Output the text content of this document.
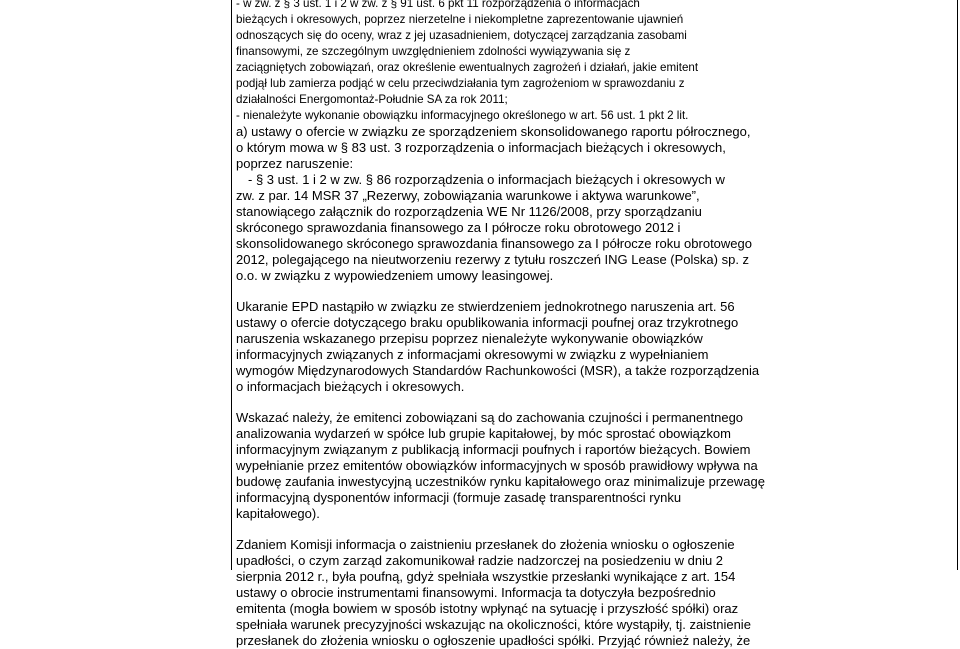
- w zw. z § 3 ust. 1 i 2 w zw. z § 91 ust. 6 pkt 11 rozporządzenia o informacjach
bieżących i okresowych, poprzez nierzetelne i niekompletne zaprezentowanie ujawnień
odnoszących się do oceny, wraz z jej uzasadnieniem, dotyczącej zarządzania zasobami
finansowymi, ze szczególnym uwzględnieniem zdolności wywiązywania się z
zaciągniętych zobowiązań, oraz określenie ewentualnych zagrożeń i działań, jakie emitent
podjął lub zamierza podjąć w celu przeciwdziałania tym zagrożeniom w sprawozdaniu z
działalności Energomontaż-Południe SA za rok 2011;
- nienależyte wykonanie obowiązku informacyjnego określonego w art. 56 ust. 1 pkt 2 lit.
a) ustawy o ofercie w związku ze sporządzeniem skonsolidowanego raportu półrocznego,
o którym mowa w § 83 ust. 3 rozporządzenia o informacjach bieżących i okresowych,
poprzez naruszenie:
- § 3 ust. 1 i 2 w zw. § 86 rozporządzenia o informacjach bieżących i okresowych w
zw. z par. 14 MSR 37 „Rezerwy, zobowiązania warunkowe i aktywa warunkowe”,
stanowiącego załącznik do rozporządzenia WE Nr 1126/2008, przy sporządzaniu
skróconego sprawozdania finansowego za I półrocze roku obrotowego 2012 i
skonsolidowanego skróconego sprawozdania finansowego za I półrocze roku obrotowego
2012, polegającego na nieutworzeniu rezerwy z tytułu roszczeń ING Lease (Polska) sp. z
o.o. w związku z wypowiedzeniem umowy leasingowej.
Ukaranie EPD nastąpiło w związku ze stwierdzeniem jednokrotnego naruszenia art. 56
ustawy o ofercie dotyczącego braku opublikowania informacji poufnej oraz trzykrotnego
naruszenia wskazanego przepisu poprzez nienależyte wykonywanie obowiązków
informacyjnych związanych z informacjami okresowymi w związku z wypełnianiem
wymogów Międzynarodowych Standardów Rachunkowości (MSR), a także rozporządzenia
o informacjach bieżących i okresowych.
Wskazać należy, że emitenci zobowiązani są do zachowania czujności i permanentnego
analizowania wydarzeń w spółce lub grupie kapitałowej, by móc sprostać obowiązkom
informacyjnym związanym z publikacją informacji poufnych i raportów bieżących. Bowiem
wypełnianie przez emitentów obowiązków informacyjnych w sposób prawidłowy wpływa na
budowę zaufania inwestycyjną uczestników rynku kapitałowego oraz minimalizuje przewagę
informacyjną dysponentów informacji (formuje zasadę transparentności rynku
kapitałowego).
Zdaniem Komisji informacja o zaistnieniu przesłanek do złożenia wniosku o ogłoszenie
upadłości, o czym zarząd zakomunikował radzie nadzorczej na posiedzeniu w dniu 2
sierpnia 2012 r., była poufną, gdyż spełniała wszystkie przesłanki wynikające z art. 154
ustawy o obrocie instrumentami finansowymi. Informacja ta dotyczyła bezpośrednio
emitenta (mogła bowiem w sposób istotny wpłynąć na sytuację i przyszłość spółki) oraz
spełniała warunek precyzyjności wskazując na okoliczności, które wystąpiły, tj. zaistnienie
przesłanek do złożenia wniosku o ogłoszenie upadłości spółki. Przyjąć również należy, że
